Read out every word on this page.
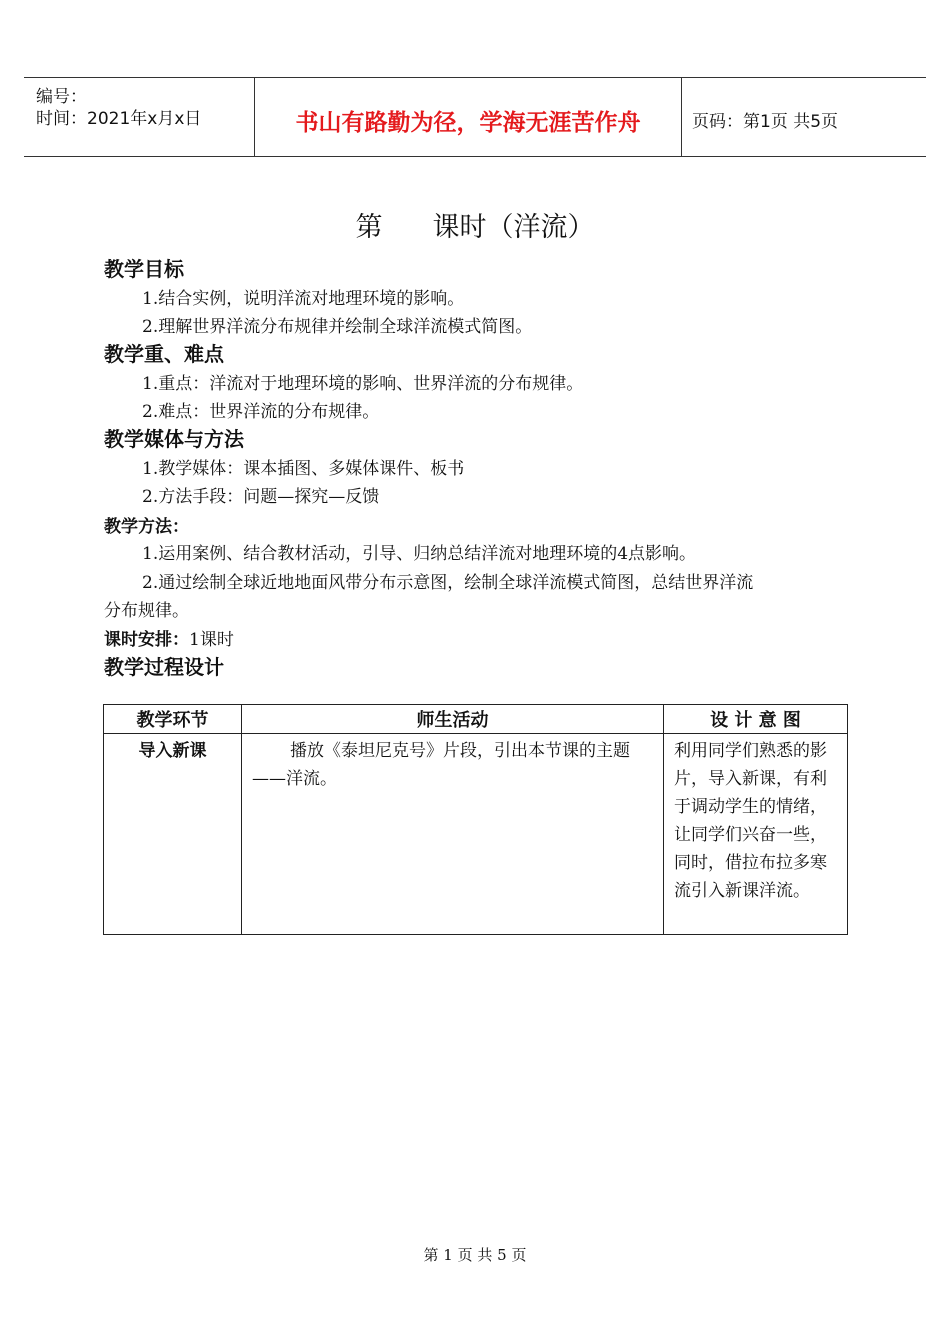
编号：
时间：2021年x月x日	书山有路勤为径，学海无涯苦作舟	页码：第1页 共5页
第 课时（洋流）
教学目标
1.结合实例，说明洋流对地理环境的影响。
2.理解世界洋流分布规律并绘制全球洋流模式简图。
教学重、难点
1.重点：洋流对于地理环境的影响、世界洋流的分布规律。
2.难点：世界洋流的分布规律。
教学媒体与方法
1.教学媒体：课本插图、多媒体课件、板书
2.方法手段：问题—探究—反馈
教学方法：
1.运用案例、结合教材活动，引导、归纳总结洋流对地理环境的4点影响。
2.通过绘制全球近地地面风带分布示意图，绘制全球洋流模式简图，总结世界洋流
分布规律。
课时安排：1课时
教学过程设计
教学环节	师生活动	设 计 意 图
导入新课	播放《泰坦尼克号》片段，引出本节课的主题——洋流。	利用同学们熟悉的影片，导入新课，有利于调动学生的情绪，让同学们兴奋一些，同时，借拉布拉多寒流引入新课洋流。
第 1 页 共 5 页
